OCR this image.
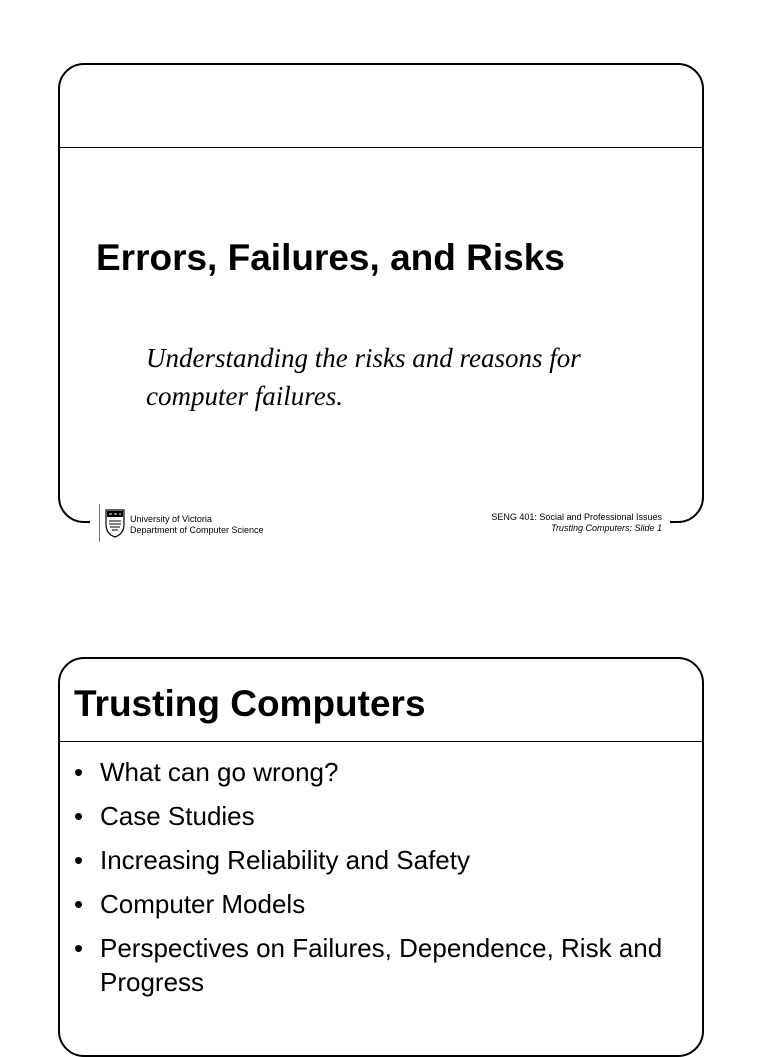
Errors, Failures, and Risks

Understanding the risks and reasons for computer failures.

University of Victoria
Department of Computer Science
SENG 401: Social and Professional Issues
Trusting Computers: Slide 1
Trusting Computers
• What can go wrong?
• Case Studies
• Increasing Reliability and Safety
• Computer Models
• Perspectives on Failures, Dependence, Risk and Progress
